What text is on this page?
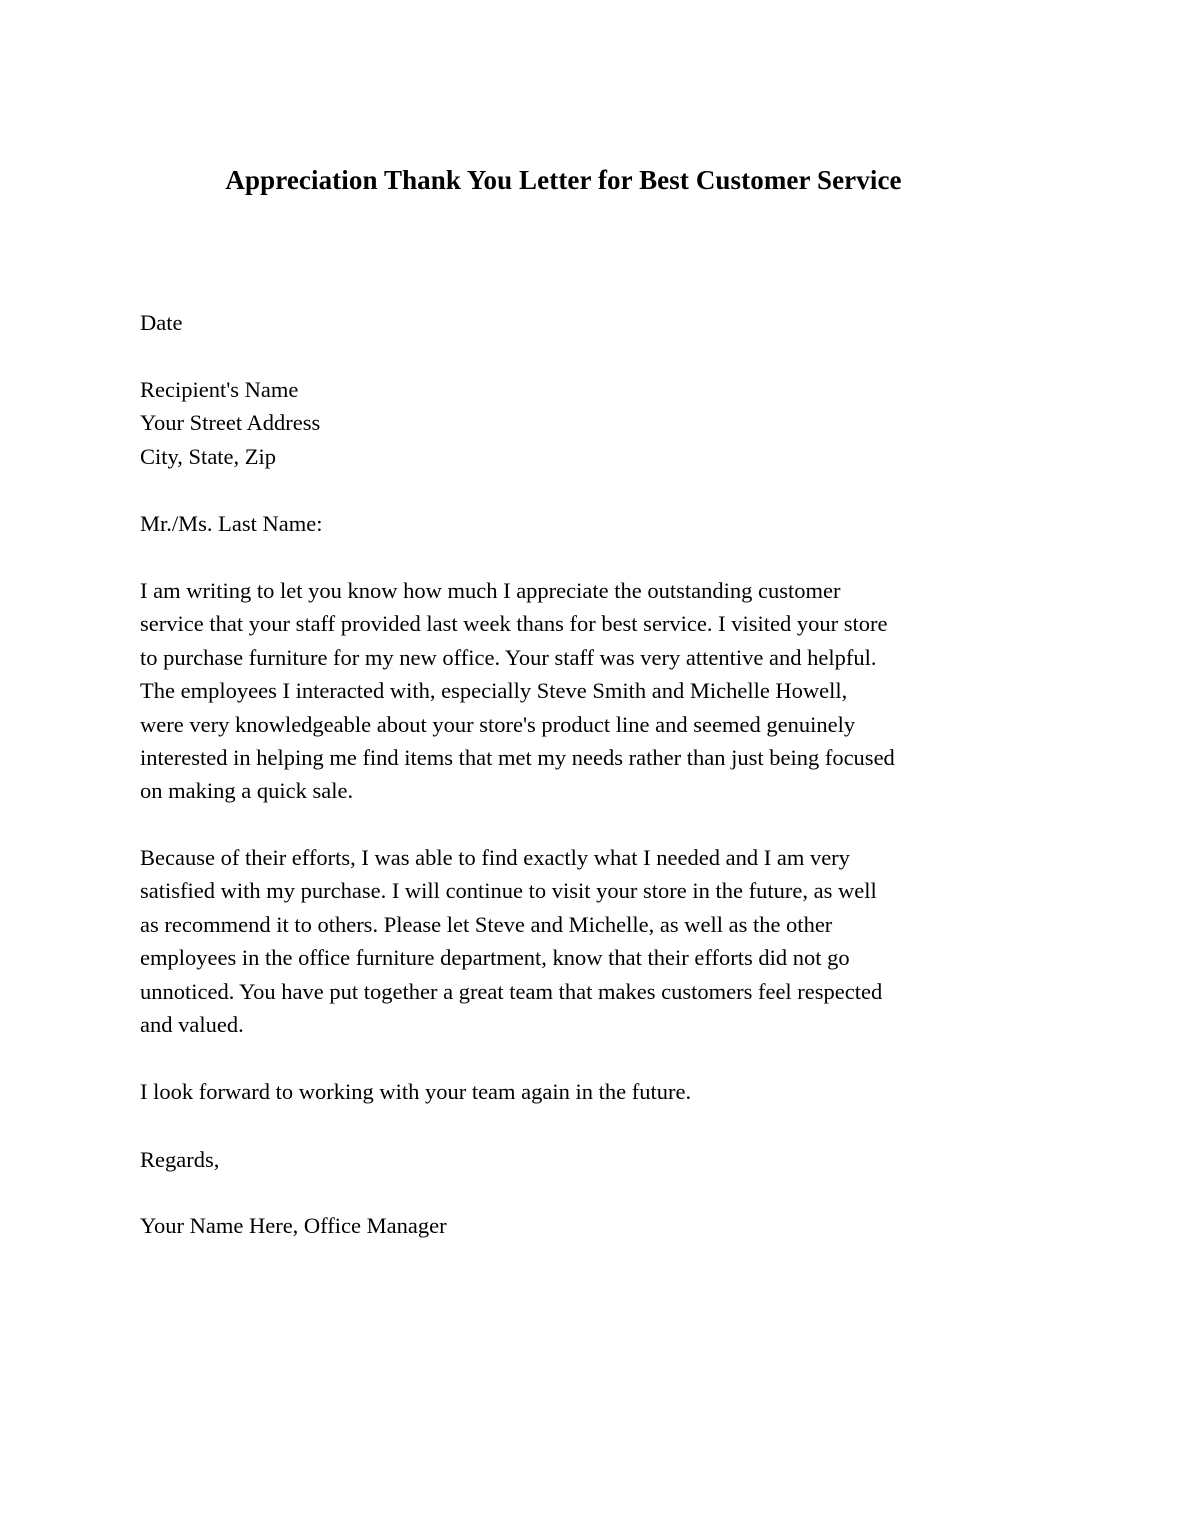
Appreciation Thank You Letter for Best Customer Service

Date

Recipient's Name
Your Street Address
City, State, Zip

Mr./Ms. Last Name:

I am writing to let you know how much I appreciate the outstanding customer
service that your staff provided last week thans for best service. I visited your store
to purchase furniture for my new office. Your staff was very attentive and helpful.
The employees I interacted with, especially Steve Smith and Michelle Howell,
were very knowledgeable about your store's product line and seemed genuinely
interested in helping me find items that met my needs rather than just being focused
on making a quick sale.
Because of their efforts, I was able to find exactly what I needed and I am very
satisfied with my purchase. I will continue to visit your store in the future, as well
as recommend it to others. Please let Steve and Michelle, as well as the other
employees in the office furniture department, know that their efforts did not go
unnoticed. You have put together a great team that makes customers feel respected
and valued.

I look forward to working with your team again in the future.

Regards,

Your Name Here, Office Manager
